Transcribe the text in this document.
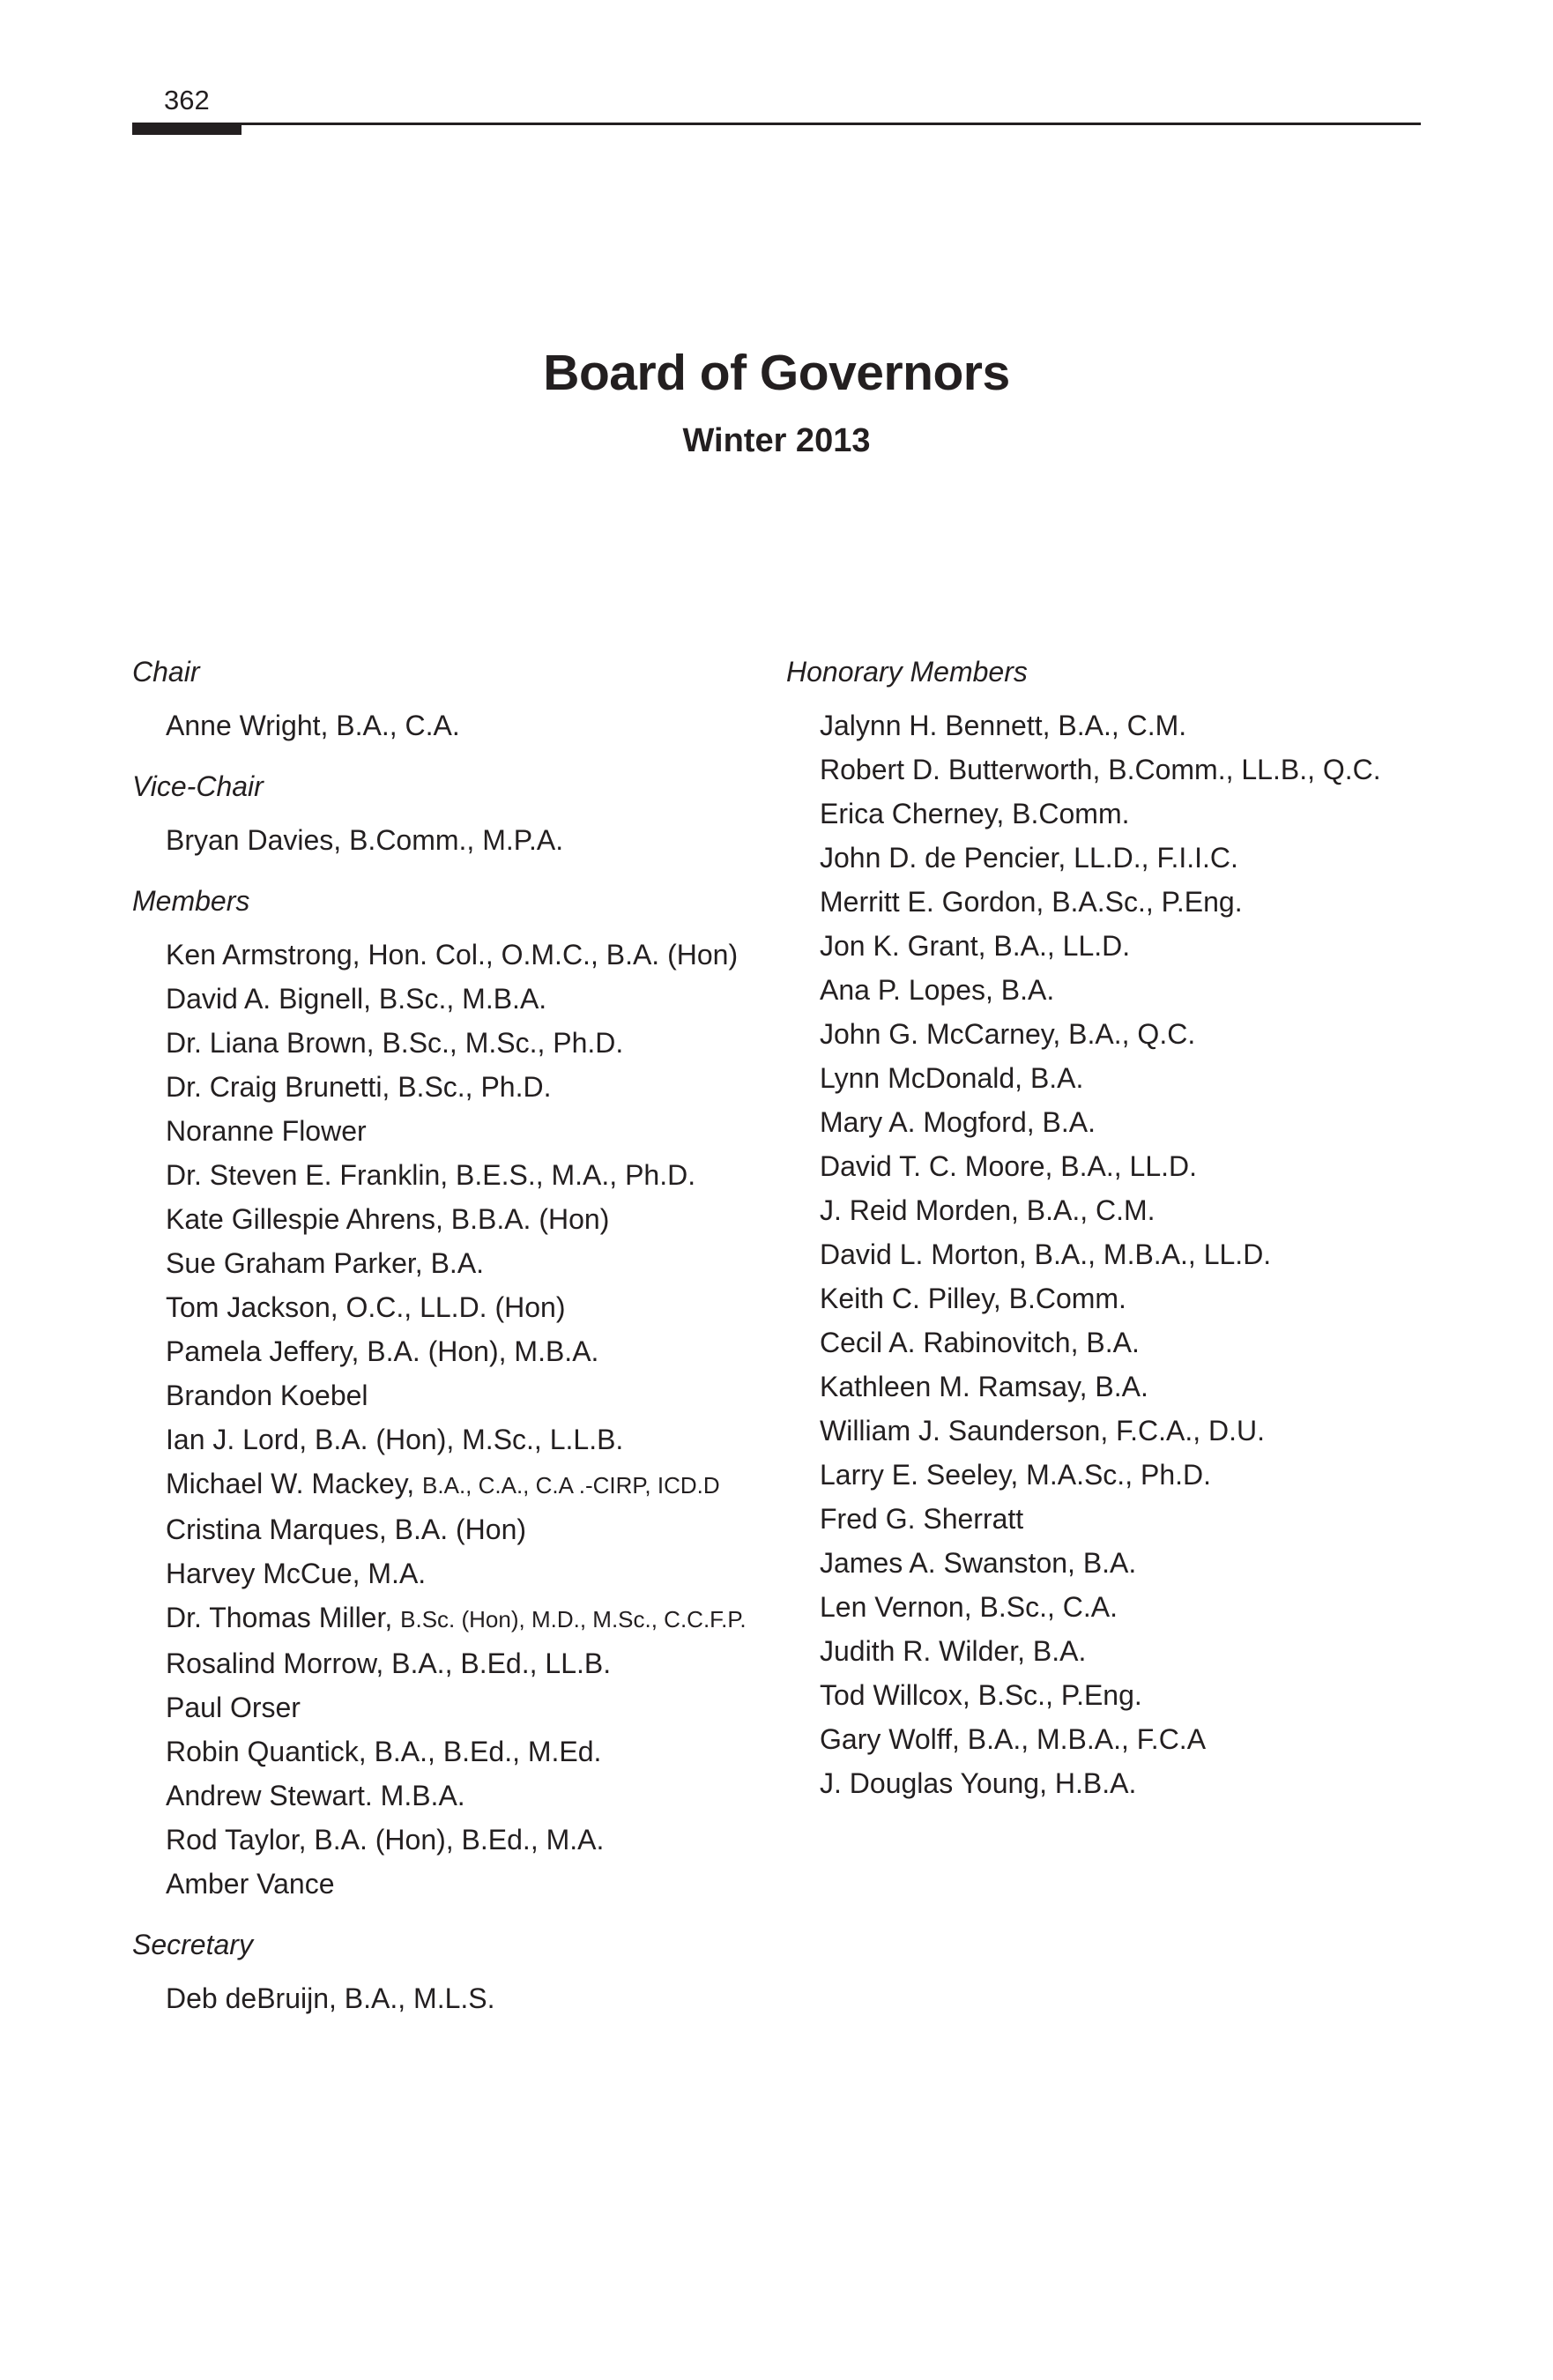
362
Board of Governors
Winter 2013
Chair
Anne Wright, B.A., C.A.
Vice-Chair
Bryan Davies, B.Comm., M.P.A.
Members
Ken Armstrong, Hon. Col., O.M.C., B.A. (Hon)
David A. Bignell, B.Sc., M.B.A.
Dr. Liana Brown, B.Sc., M.Sc., Ph.D.
Dr. Craig Brunetti, B.Sc., Ph.D.
Noranne Flower
Dr. Steven E. Franklin, B.E.S., M.A., Ph.D.
Kate Gillespie Ahrens, B.B.A. (Hon)
Sue Graham Parker, B.A.
Tom Jackson, O.C., LL.D. (Hon)
Pamela Jeffery, B.A. (Hon), M.B.A.
Brandon Koebel
Ian J. Lord, B.A. (Hon), M.Sc., L.L.B.
Michael W. Mackey, B.A., C.A., C.A .-CIRP, ICD.D
Cristina Marques, B.A. (Hon)
Harvey McCue, M.A.
Dr. Thomas Miller, B.Sc. (Hon), M.D., M.Sc., C.C.F.P.
Rosalind Morrow, B.A., B.Ed., LL.B.
Paul Orser
Robin Quantick, B.A., B.Ed., M.Ed.
Andrew Stewart. M.B.A.
Rod Taylor, B.A. (Hon), B.Ed., M.A.
Amber Vance
Secretary
Deb deBruijn, B.A., M.L.S.
Honorary Members
Jalynn H. Bennett, B.A., C.M.
Robert D. Butterworth, B.Comm., LL.B., Q.C.
Erica Cherney, B.Comm.
John D. de Pencier, LL.D., F.I.I.C.
Merritt E. Gordon, B.A.Sc., P.Eng.
Jon K. Grant, B.A., LL.D.
Ana P. Lopes, B.A.
John G. McCarney, B.A., Q.C.
Lynn McDonald, B.A.
Mary A. Mogford, B.A.
David T. C. Moore, B.A., LL.D.
J. Reid Morden, B.A., C.M.
David L. Morton, B.A., M.B.A., LL.D.
Keith C. Pilley, B.Comm.
Cecil A. Rabinovitch, B.A.
Kathleen M. Ramsay, B.A.
William J. Saunderson, F.C.A., D.U.
Larry E. Seeley, M.A.Sc., Ph.D.
Fred G. Sherratt
James A. Swanston, B.A.
Len Vernon, B.Sc., C.A.
Judith R. Wilder, B.A.
Tod Willcox, B.Sc., P.Eng.
Gary Wolff, B.A., M.B.A., F.C.A
J. Douglas Young, H.B.A.
